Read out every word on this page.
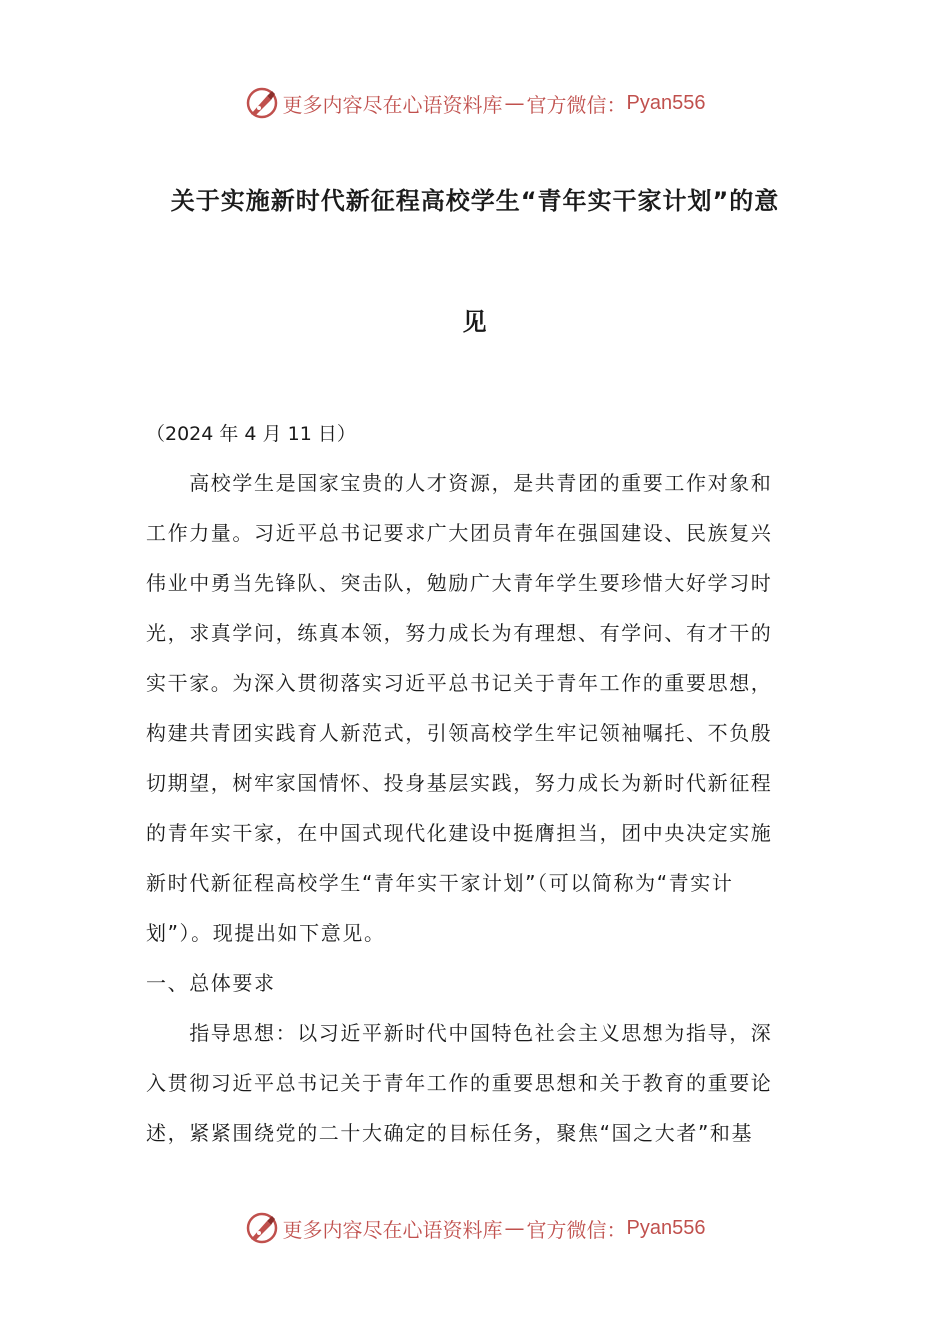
更多内容尽在心语资料库 — 官方微信： Pyan556
关于实施新时代新征程高校学生“青年实干家计划”的意
见
（2024 年 4 月 11 日）
　　高校学生是国家宝贵的人才资源，是共青团的重要工作对象和
工作力量。习近平总书记要求广大团员青年在强国建设、民族复兴
伟业中勇当先锋队、突击队，勉励广大青年学生要珍惜大好学习时
光，求真学问，练真本领，努力成长为有理想、有学问、有才干的
实干家。为深入贯彻落实习近平总书记关于青年工作的重要思想，
构建共青团实践育人新范式，引领高校学生牢记领袖嘱托、不负殷
切期望，树牢家国情怀、投身基层实践，努力成长为新时代新征程
的青年实干家，在中国式现代化建设中挺膺担当，团中央决定实施
新时代新征程高校学生“青年实干家计划”（可以简称为“青实计
划”）。现提出如下意见。
一、总体要求
　　指导思想：以习近平新时代中国特色社会主义思想为指导，深
入贯彻习近平总书记关于青年工作的重要思想和关于教育的重要论
述，紧紧围绕党的二十大确定的目标任务，聚焦“国之大者”和基
更多内容尽在心语资料库 — 官方微信： Pyan556
